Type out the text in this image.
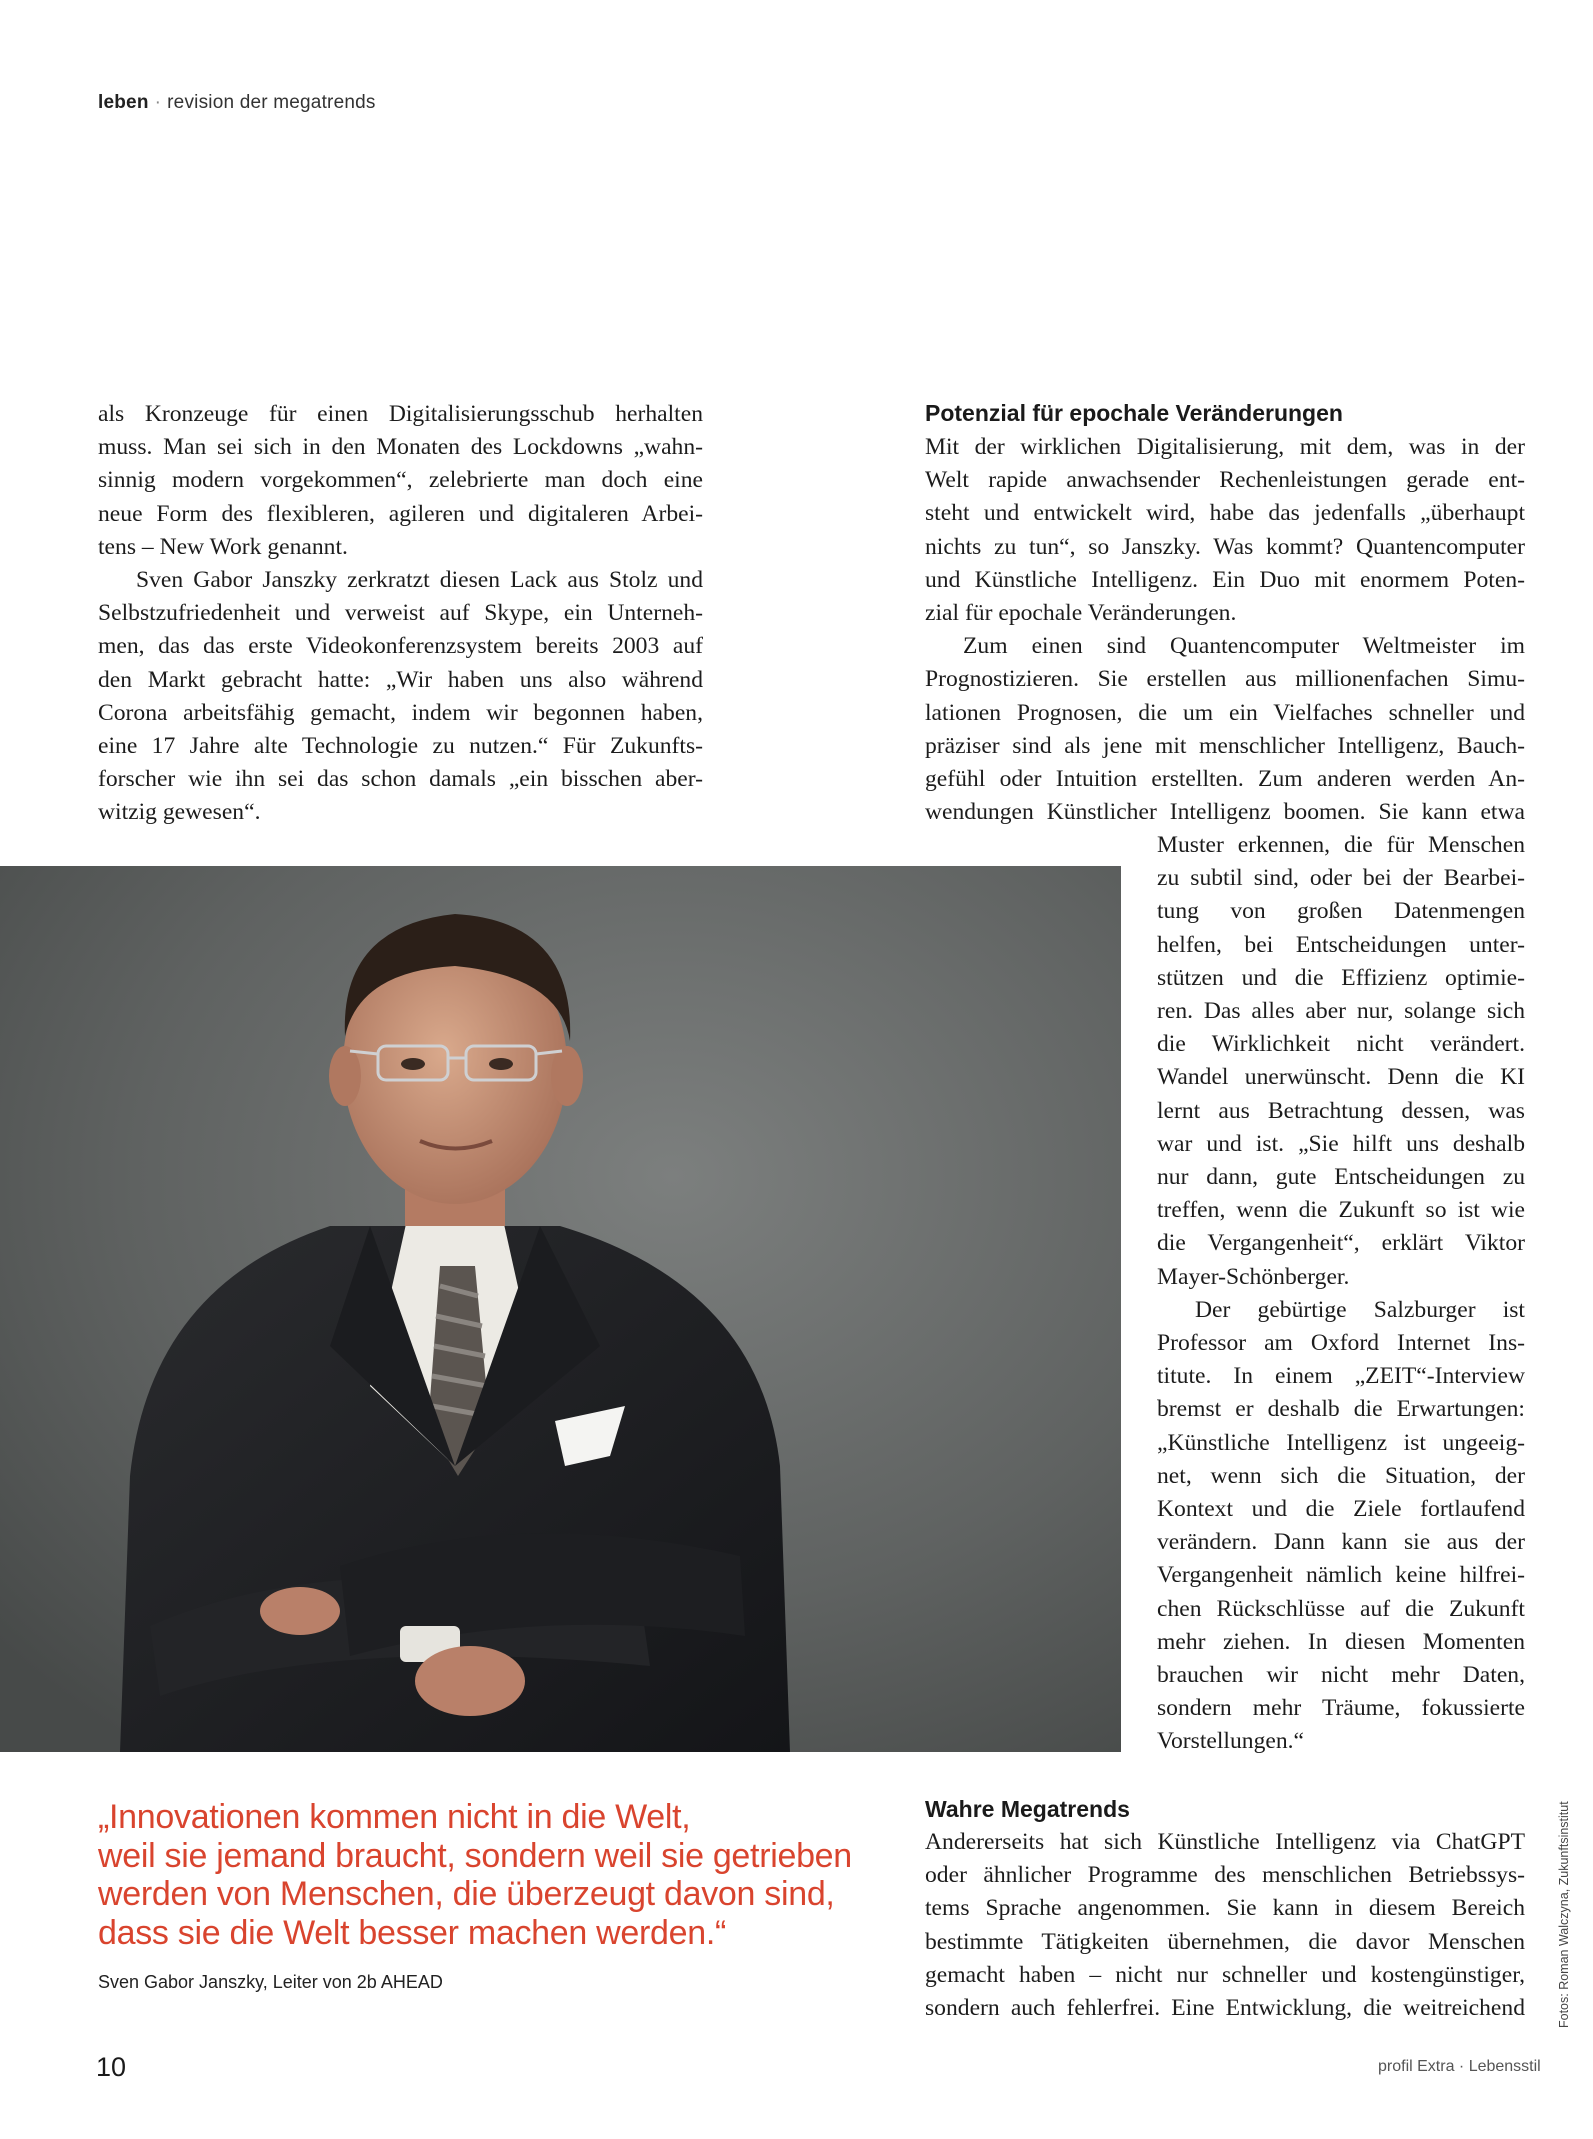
leben · revision der megatrends
als Kronzeuge für einen Digitalisierungsschub herhalten
muss. Man sei sich in den Monaten des Lockdowns „wahn-
sinnig modern vorgekommen“, zelebrierte man doch eine
neue Form des flexibleren, agileren und digitaleren Arbei-
tens – New Work genannt.
Sven Gabor Janszky zerkratzt diesen Lack aus Stolz und
Selbstzufriedenheit und verweist auf Skype, ein Unterneh-
men, das das erste Videokonferenzsystem bereits 2003 auf
den Markt gebracht hatte: „Wir haben uns also während
Corona arbeitsfähig gemacht, indem wir begonnen haben,
eine 17 Jahre alte Technologie zu nutzen.“ Für Zukunfts-
forscher wie ihn sei das schon damals „ein bisschen aber-
witzig gewesen“.
Potenzial für epochale Veränderungen
Mit der wirklichen Digitalisierung, mit dem, was in der
Welt rapide anwachsender Rechenleistungen gerade ent-
steht und entwickelt wird, habe das jedenfalls „überhaupt
nichts zu tun“, so Janszky. Was kommt? Quantencomputer
und Künstliche Intelligenz. Ein Duo mit enormem Poten-
zial für epochale Veränderungen.
Zum einen sind Quantencomputer Weltmeister im
Prognostizieren. Sie erstellen aus millionenfachen Simu-
lationen Prognosen, die um ein Vielfaches schneller und
präziser sind als jene mit menschlicher Intelligenz, Bauch-
gefühl oder Intuition erstellten. Zum anderen werden An-
wendungen Künstlicher Intelligenz boomen. Sie kann etwa
Muster erkennen, die für Menschen
zu subtil sind, oder bei der Bearbei-
tung von großen Datenmengen
helfen, bei Entscheidungen unter-
stützen und die Effizienz optimie-
ren. Das alles aber nur, solange sich
die Wirklichkeit nicht verändert.
Wandel unerwünscht. Denn die KI
lernt aus Betrachtung dessen, was
war und ist. „Sie hilft uns deshalb
nur dann, gute Entscheidungen zu
treffen, wenn die Zukunft so ist wie
die Vergangenheit“, erklärt Viktor
Mayer-Schönberger.
Der gebürtige Salzburger ist
Professor am Oxford Internet Ins-
titute. In einem „ZEIT“-Interview
bremst er deshalb die Erwartungen:
„Künstliche Intelligenz ist ungeeig-
net, wenn sich die Situation, der
Kontext und die Ziele fortlaufend
verändern. Dann kann sie aus der
Vergangenheit nämlich keine hilfrei-
chen Rückschlüsse auf die Zukunft
mehr ziehen. In diesen Momenten
brauchen wir nicht mehr Daten,
sondern mehr Träume, fokussierte
Vorstellungen.“
Wahre Megatrends
Andererseits hat sich Künstliche Intelligenz via ChatGPT
oder ähnlicher Programme des menschlichen Betriebssys-
tems Sprache angenommen. Sie kann in diesem Bereich
bestimmte Tätigkeiten übernehmen, die davor Menschen
gemacht haben – nicht nur schneller und kostengünstiger,
sondern auch fehlerfrei. Eine Entwicklung, die weitreichend
„Innovationen kommen nicht in die Welt,
weil sie jemand braucht, sondern weil sie getrieben
werden von Menschen, die überzeugt davon sind,
dass sie die Welt besser machen werden.“
Sven Gabor Janszky, Leiter von 2b AHEAD	Fotos: Roman Walczyna, Zukunftsinstitut
10	profil Extra · Lebensstil
